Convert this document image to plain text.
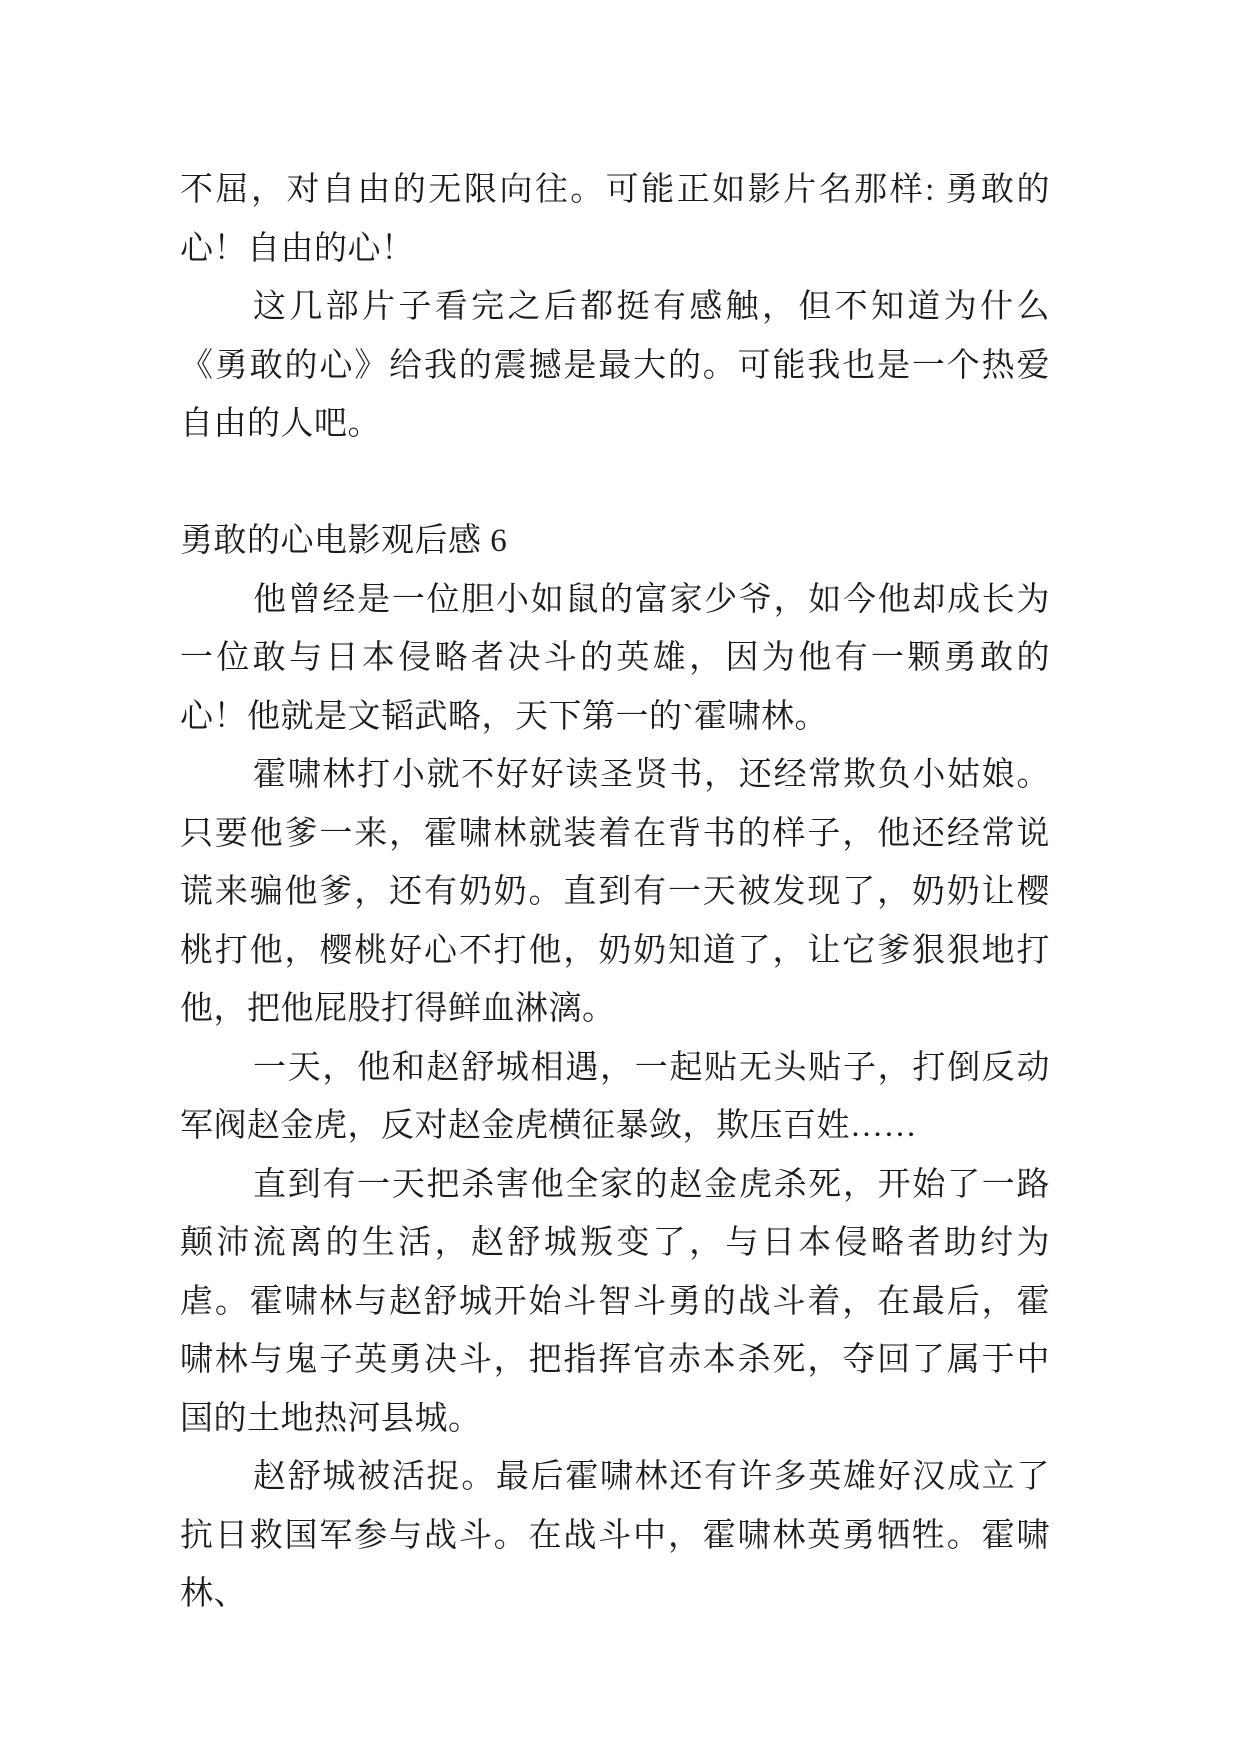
不屈，对自由的无限向往。可能正如影片名那样: 勇敢的心！自由的心！

这几部片子看完之后都挺有感触，但不知道为什么《勇敢的心》给我的震撼是最大的。可能我也是一个热爱自由的人吧。

勇敢的心电影观后感 6

他曾经是一位胆小如鼠的富家少爷，如今他却成长为一位敢与日本侵略者决斗的英雄，因为他有一颗勇敢的心！他就是文韬武略，天下第一的`霍啸林。

霍啸林打小就不好好读圣贤书，还经常欺负小姑娘。只要他爹一来，霍啸林就装着在背书的样子，他还经常说谎来骗他爹，还有奶奶。直到有一天被发现了，奶奶让樱桃打他，樱桃好心不打他，奶奶知道了，让它爹狠狠地打他，把他屁股打得鲜血淋漓。

一天，他和赵舒城相遇，一起贴无头贴子，打倒反动军阀赵金虎，反对赵金虎横征暴敛，欺压百姓……

直到有一天把杀害他全家的赵金虎杀死，开始了一路颠沛流离的生活，赵舒城叛变了，与日本侵略者助纣为虐。霍啸林与赵舒城开始斗智斗勇的战斗着，在最后，霍啸林与鬼子英勇决斗，把指挥官赤本杀死，夺回了属于中国的土地热河县城。

赵舒城被活捉。最后霍啸林还有许多英雄好汉成立了抗日救国军参与战斗。在战斗中，霍啸林英勇牺牲。霍啸林、
